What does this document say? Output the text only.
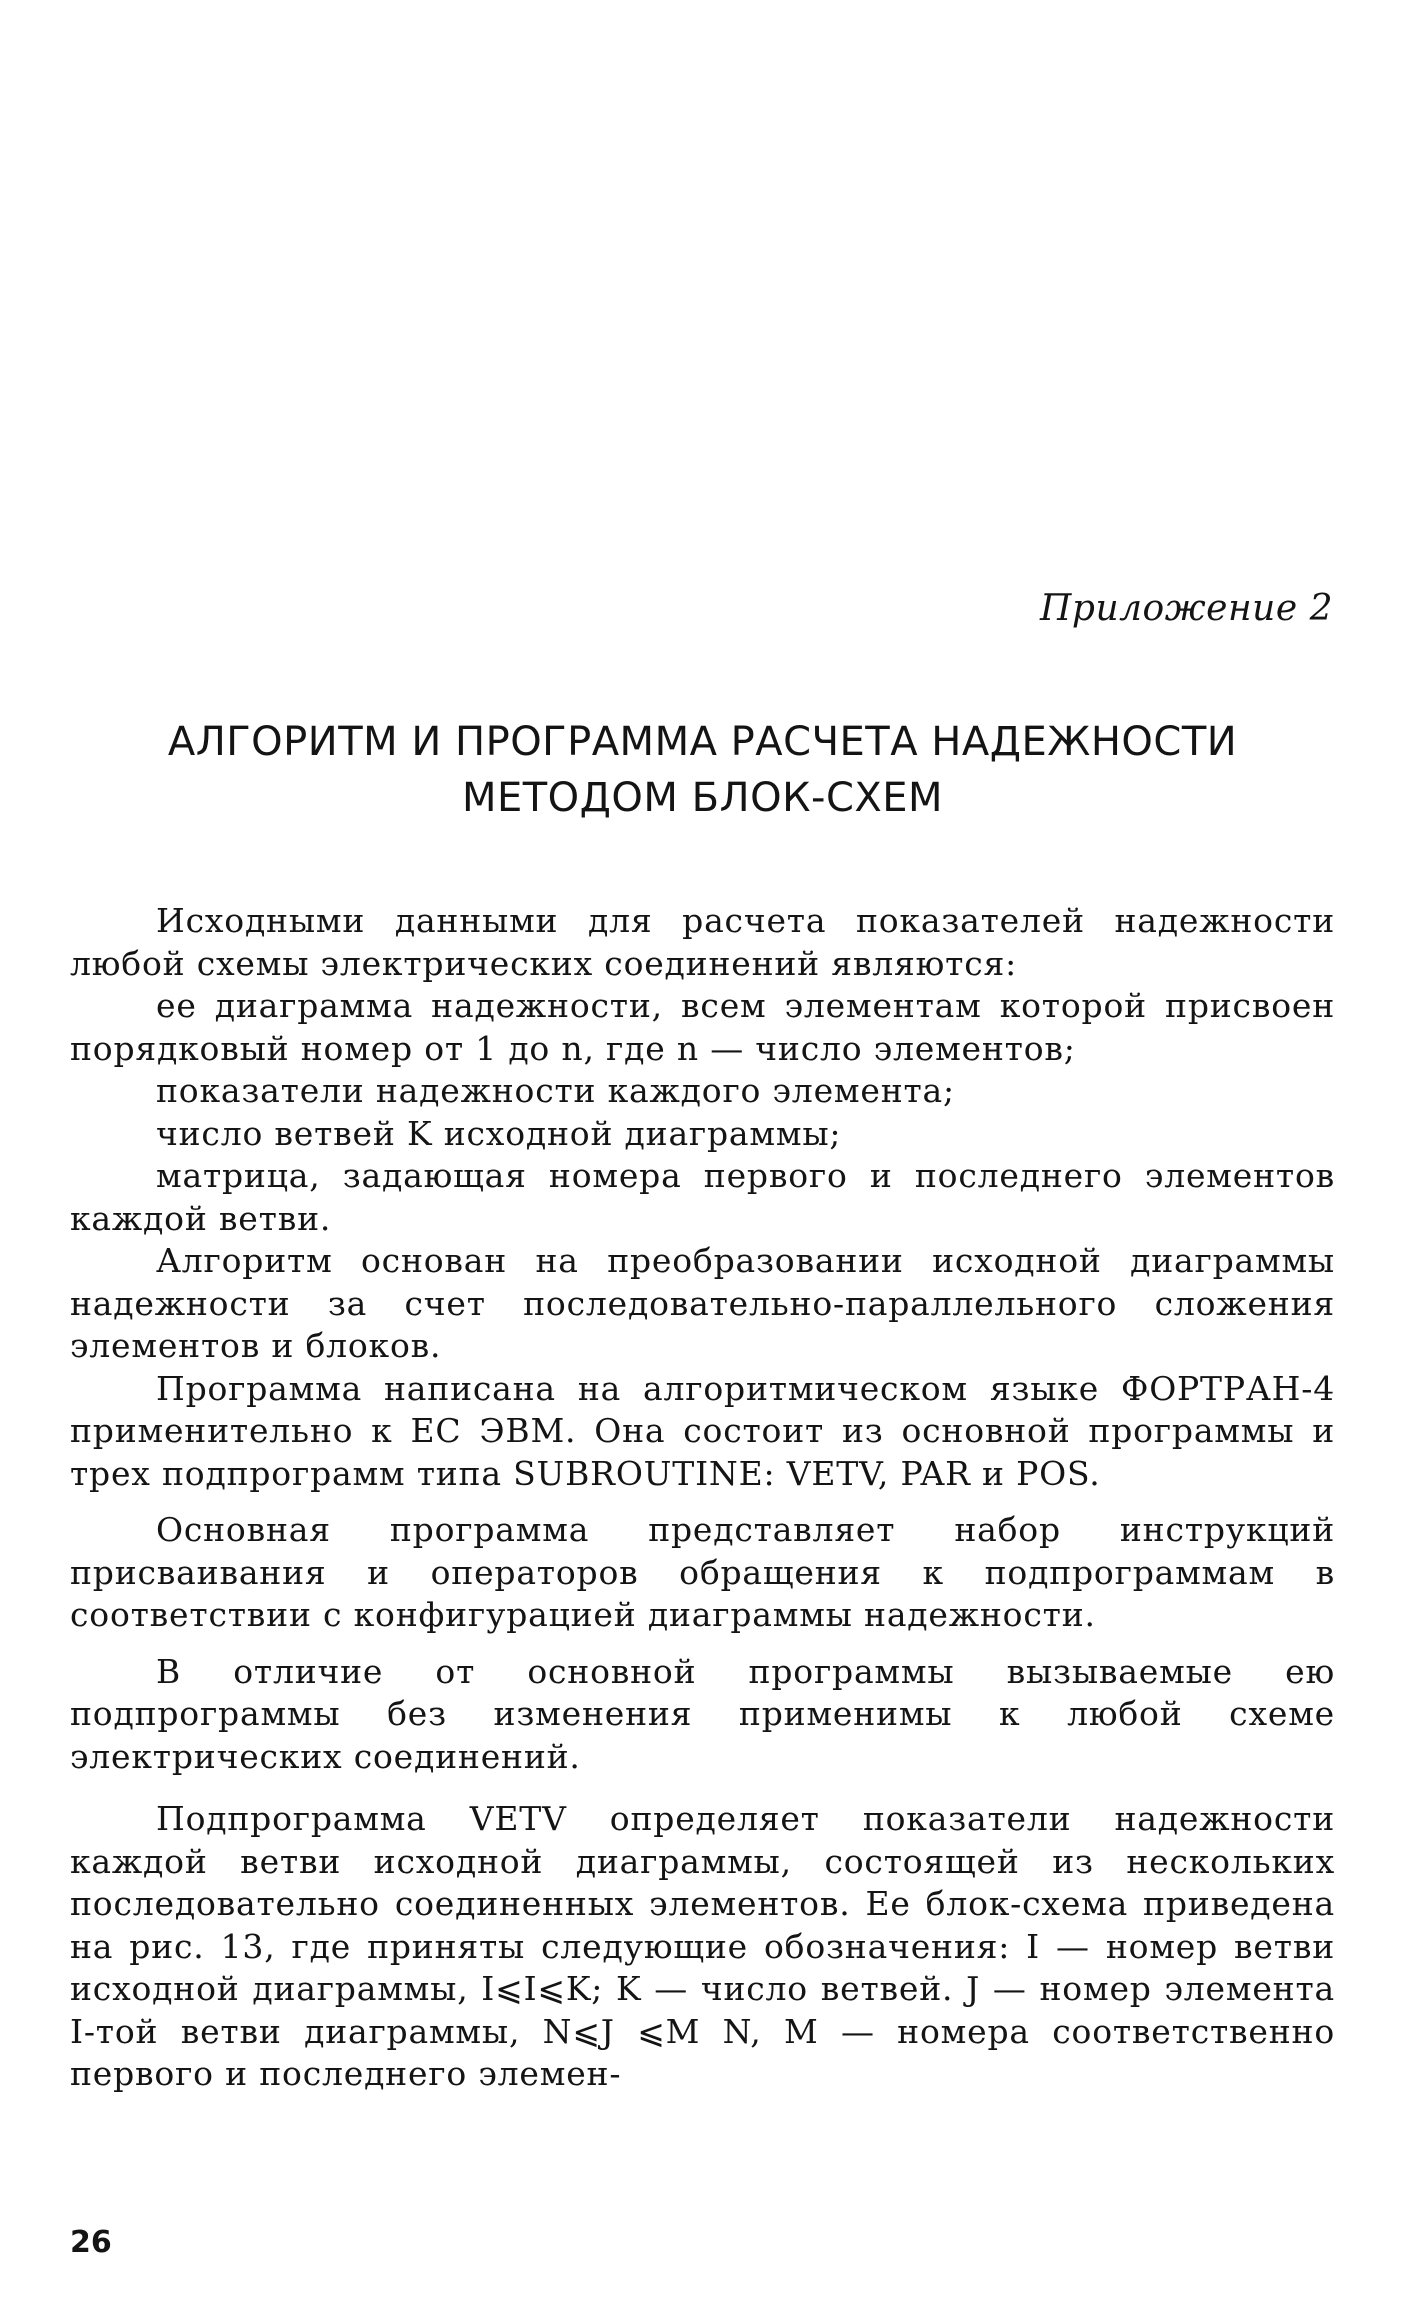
Приложение 2
АЛГОРИТМ И ПРОГРАММА РАСЧЕТА НАДЕЖНОСТИ
МЕТОДОМ БЛОК-СХЕМ

Исходными данными для расчета показателей надежности любой схемы электрических соединений являются:

ее диаграмма надежности, всем элементам которой присвоен порядковый номер от 1 до n, где n — число элементов;

показатели надежности каждого элемента;

число ветвей K исходной диаграммы;

матрица, задающая номера первого и последнего элементов каждой ветви.

Алгоритм основан на преобразовании исходной диаграммы надежности за счет последовательно-параллельного сложения элементов и блоков.

Программа написана на алгоритмическом языке ФОРТРАН-4 применительно к ЕС ЭВМ. Она состоит из основной программы и трех подпрограмм типа SUBROUTINE: VETV, PAR и POS.

Основная программа представляет набор инструкций присваивания и операторов обращения к подпрограммам в соответствии с конфигурацией диаграммы надежности.

В отличие от основной программы вызываемые ею подпрограммы без изменения применимы к любой схеме электрических соединений.

Подпрограмма VETV определяет показатели надежности каждой ветви исходной диаграммы, состоящей из нескольких последовательно соединенных элементов. Ее блок-схема приведена на рис. 13, где приняты следующие обозначения: I — номер ветви исходной диаграммы, I⩽I⩽K; K — число ветвей. J — номер элемента I-той ветви диаграммы, N⩽J ⩽M N, M — номера соответственно первого и последнего элемен-

26
